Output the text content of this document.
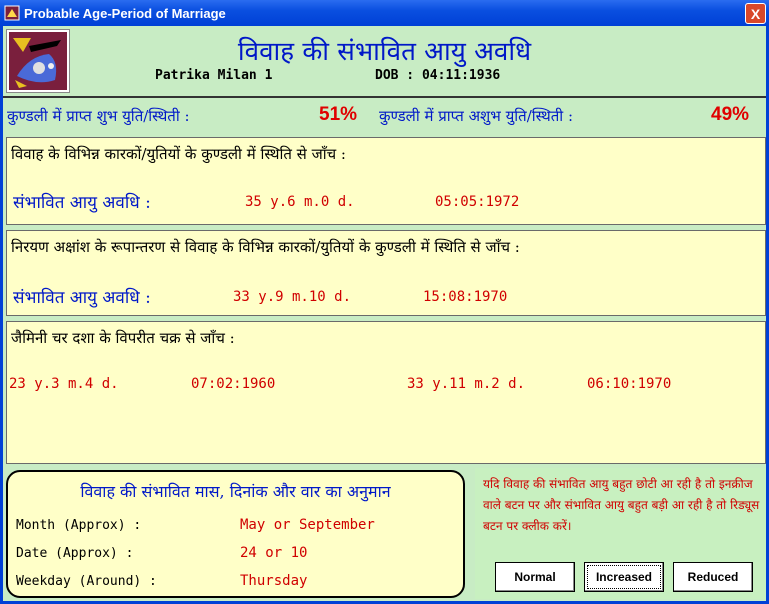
Probable Age-Period of Marriage	X
विवाह की संभावित आयु अवधि
Patrika Milan 1	DOB : 04:11:1936
कुण्डली में प्राप्त शुभ युति/स्थिती :	51% कुण्डली में प्राप्त अशुभ युति/स्थिती :	49%
विवाह के विभिन्न कारकों/युतियों के कुण्डली में स्थिति से जाँच :
संभावित आयु अवधि :	35 y.6 m.0 d.	05:05:1972
निरयण अक्षांश के रूपान्तरण से विवाह के विभिन्न कारकों/युतियों के कुण्डली में स्थिति से जाँच :
संभावित आयु अवधि :	33 y.9 m.10 d.	15:08:1970
जैमिनी चर दशा के विपरीत चक्र से जाँच :
23 y.3 m.4 d.	07:02:1960	33 y.11 m.2 d.	06:10:1970
विवाह की संभावित मास, दिनांक और वार का अनुमान
Month (Approx) :	May or September
Date (Approx) :	24 or 10
Weekday (Around) :	Thursday
यदि विवाह की संभावित आयु बहुत छोटी आ रही है तो इनक्रीज वाले बटन पर और संभावित आयु बहुत बड़ी आ रही है तो रिड्यूस बटन पर क्लीक करें।
Normal	Increased	Reduced
